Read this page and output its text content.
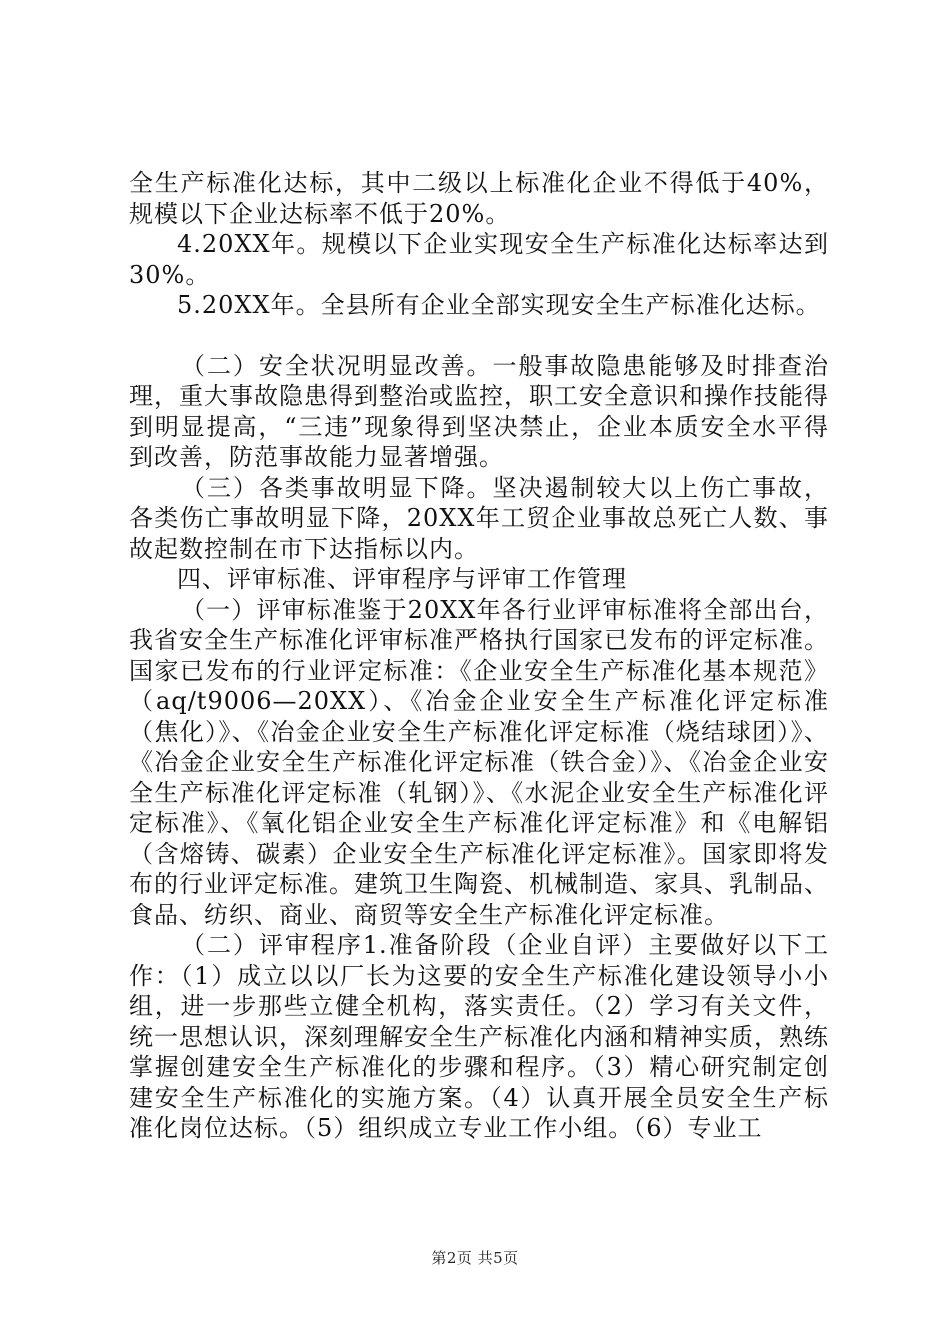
全生产标准化达标，其中二级以上标准化企业不得低于40%，规模以下企业达标率不低于20%。

4.20XX年。规模以下企业实现安全生产标准化达标率达到30%。

5.20XX年。全县所有企业全部实现安全生产标准化达标。

（二）安全状况明显改善。一般事故隐患能够及时排查治理，重大事故隐患得到整治或监控，职工安全意识和操作技能得到明显提高，“三违”现象得到坚决禁止，企业本质安全水平得到改善，防范事故能力显著增强。

（三）各类事故明显下降。坚决遏制较大以上伤亡事故，各类伤亡事故明显下降，20XX年工贸企业事故总死亡人数、事故起数控制在市下达指标以内。

四、评审标准、评审程序与评审工作管理

（一）评审标准鉴于20XX年各行业评审标准将全部出台，我省安全生产标准化评审标准严格执行国家已发布的评定标准。国家已发布的行业评定标准：《企业安全生产标准化基本规范》（aq/t9006—20XX）、《冶金企业安全生产标准化评定标准（焦化）》、《冶金企业安全生产标准化评定标准（烧结球团）》、《冶金企业安全生产标准化评定标准（铁合金）》、《冶金企业安全生产标准化评定标准（轧钢）》、《水泥企业安全生产标准化评定标准》、《氧化铝企业安全生产标准化评定标准》和《电解铝（含熔铸、碳素）企业安全生产标准化评定标准》。国家即将发布的行业评定标准。建筑卫生陶瓷、机械制造、家具、乳制品、食品、纺织、商业、商贸等安全生产标准化评定标准。

（二）评审程序1.准备阶段（企业自评）主要做好以下工作：（1）成立以以厂长为这要的安全生产标准化建设领导小小组，进一步那些立健全机构，落实责任。（2）学习有关文件，统一思想认识，深刻理解安全生产标准化内涵和精神实质，熟练掌握创建安全生产标准化的步骤和程序。（3）精心研究制定创建安全生产标准化的实施方案。（4）认真开展全员安全生产标准化岗位达标。（5）组织成立专业工作小组。（6）专业工

第2页 共5页
